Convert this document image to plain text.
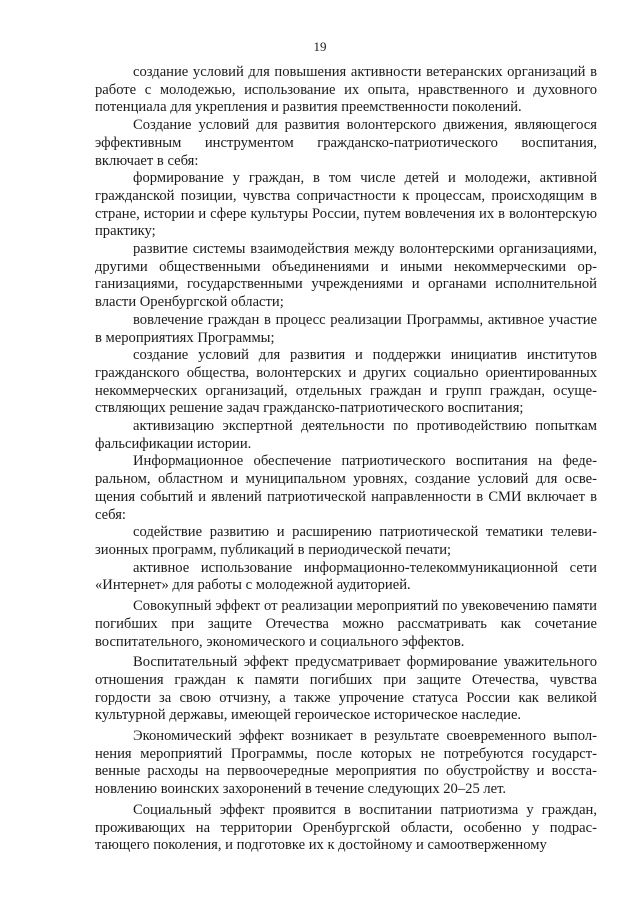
19

создание условий для повышения активности ветеранских организаций в работе с молодежью, использование их опыта, нравственного и духовного потенциала для укрепления и развития преемственности поколений.

Создание условий для развития волонтерского движения, являющегося эффективным инструментом гражданско-патриотического воспитания, включает в себя:

формирование у граждан, в том числе детей и молодежи, активной гражданской позиции, чувства сопричастности к процессам, происходящим в стране, истории и сфере культуры России, путем вовлечения их в волонтерскую практику;

развитие системы взаимодействия между волонтерскими организациями, другими общественными объединениями и иными некоммерческими организациями, государственными учреждениями и органами исполнительной власти Оренбургской области;

вовлечение граждан в процесс реализации Программы, активное участие в мероприятиях Программы;

создание условий для развития и поддержки инициатив институтов гражданского общества, волонтерских и других социально ориентированных некоммерческих организаций, отдельных граждан и групп граждан, осуществляющих решение задач гражданско-патриотического воспитания;

активизацию экспертной деятельности по противодействию попыткам фальсификации истории.

Информационное обеспечение патриотического воспитания на федеральном, областном и муниципальном уровнях, создание условий для освещения событий и явлений патриотической направленности в СМИ включает в себя:

содействие развитию и расширению патриотической тематики телевизионных программ, публикаций в периодической печати;

активное использование информационно-телекоммуникационной сети «Интернет» для работы с молодежной аудиторией.

Совокупный эффект от реализации мероприятий по увековечению памяти погибших при защите Отечества можно рассматривать как сочетание воспитательного, экономического и социального эффектов.

Воспитательный эффект предусматривает формирование уважительного отношения граждан к памяти погибших при защите Отечества, чувства гордости за свою отчизну, а также упрочение статуса России как великой культурной державы, имеющей героическое историческое наследие.

Экономический эффект возникает в результате своевременного выполнения мероприятий Программы, после которых не потребуются государственные расходы на первоочередные мероприятия по обустройству и восстановлению воинских захоронений в течение следующих 20–25 лет.

Социальный эффект проявится в воспитании патриотизма у граждан, проживающих на территории Оренбургской области, особенно у подрастающего поколения, и подготовке их к достойному и самоотверженному
